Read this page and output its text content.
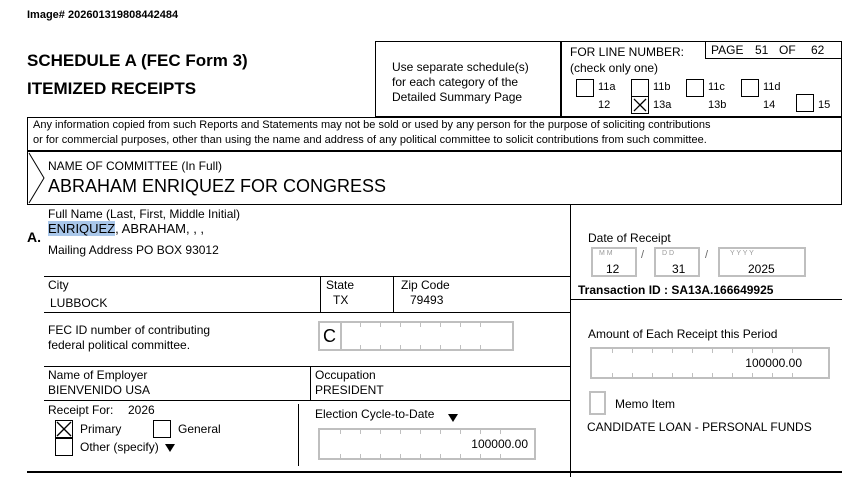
Image# 202601319808442484
SCHEDULE A (FEC Form 3)
ITEMIZED RECEIPTS
Use separate schedule(s)
for each category of the
Detailed Summary Page
FOR LINE NUMBER:
(check only one)
PAGE 51 OF 62
11a	11b	11c	11d
12	13a	13b	14	15
Any information copied from such Reports and Statements may not be sold or used by any person for the purpose of soliciting contributions
or for commercial purposes, other than using the name and address of any political committee to solicit contributions from such committee.
NAME OF COMMITTEE (In Full)
ABRAHAM ENRIQUEZ FOR CONGRESS
A.
Full Name (Last, First, Middle Initial)
ENRIQUEZ, ABRAHAM, , ,
Mailing Address PO BOX 93012
City
LUBBOCK
State
TX
Zip Code
79493
FEC ID number of contributing
federal political committee.	C
Name of Employer
BIENVENIDO USA
Occupation
PRESIDENT
Receipt For: 2026
Primary	General
Other (specify)
Election Cycle-to-Date
100000.00
Date of Receipt
M M
12
/	D D
31
/	Y Y Y Y
2025
Transaction ID : SA13A.166649925
Amount of Each Receipt this Period
100000.00
Memo Item
CANDIDATE LOAN - PERSONAL FUNDS
